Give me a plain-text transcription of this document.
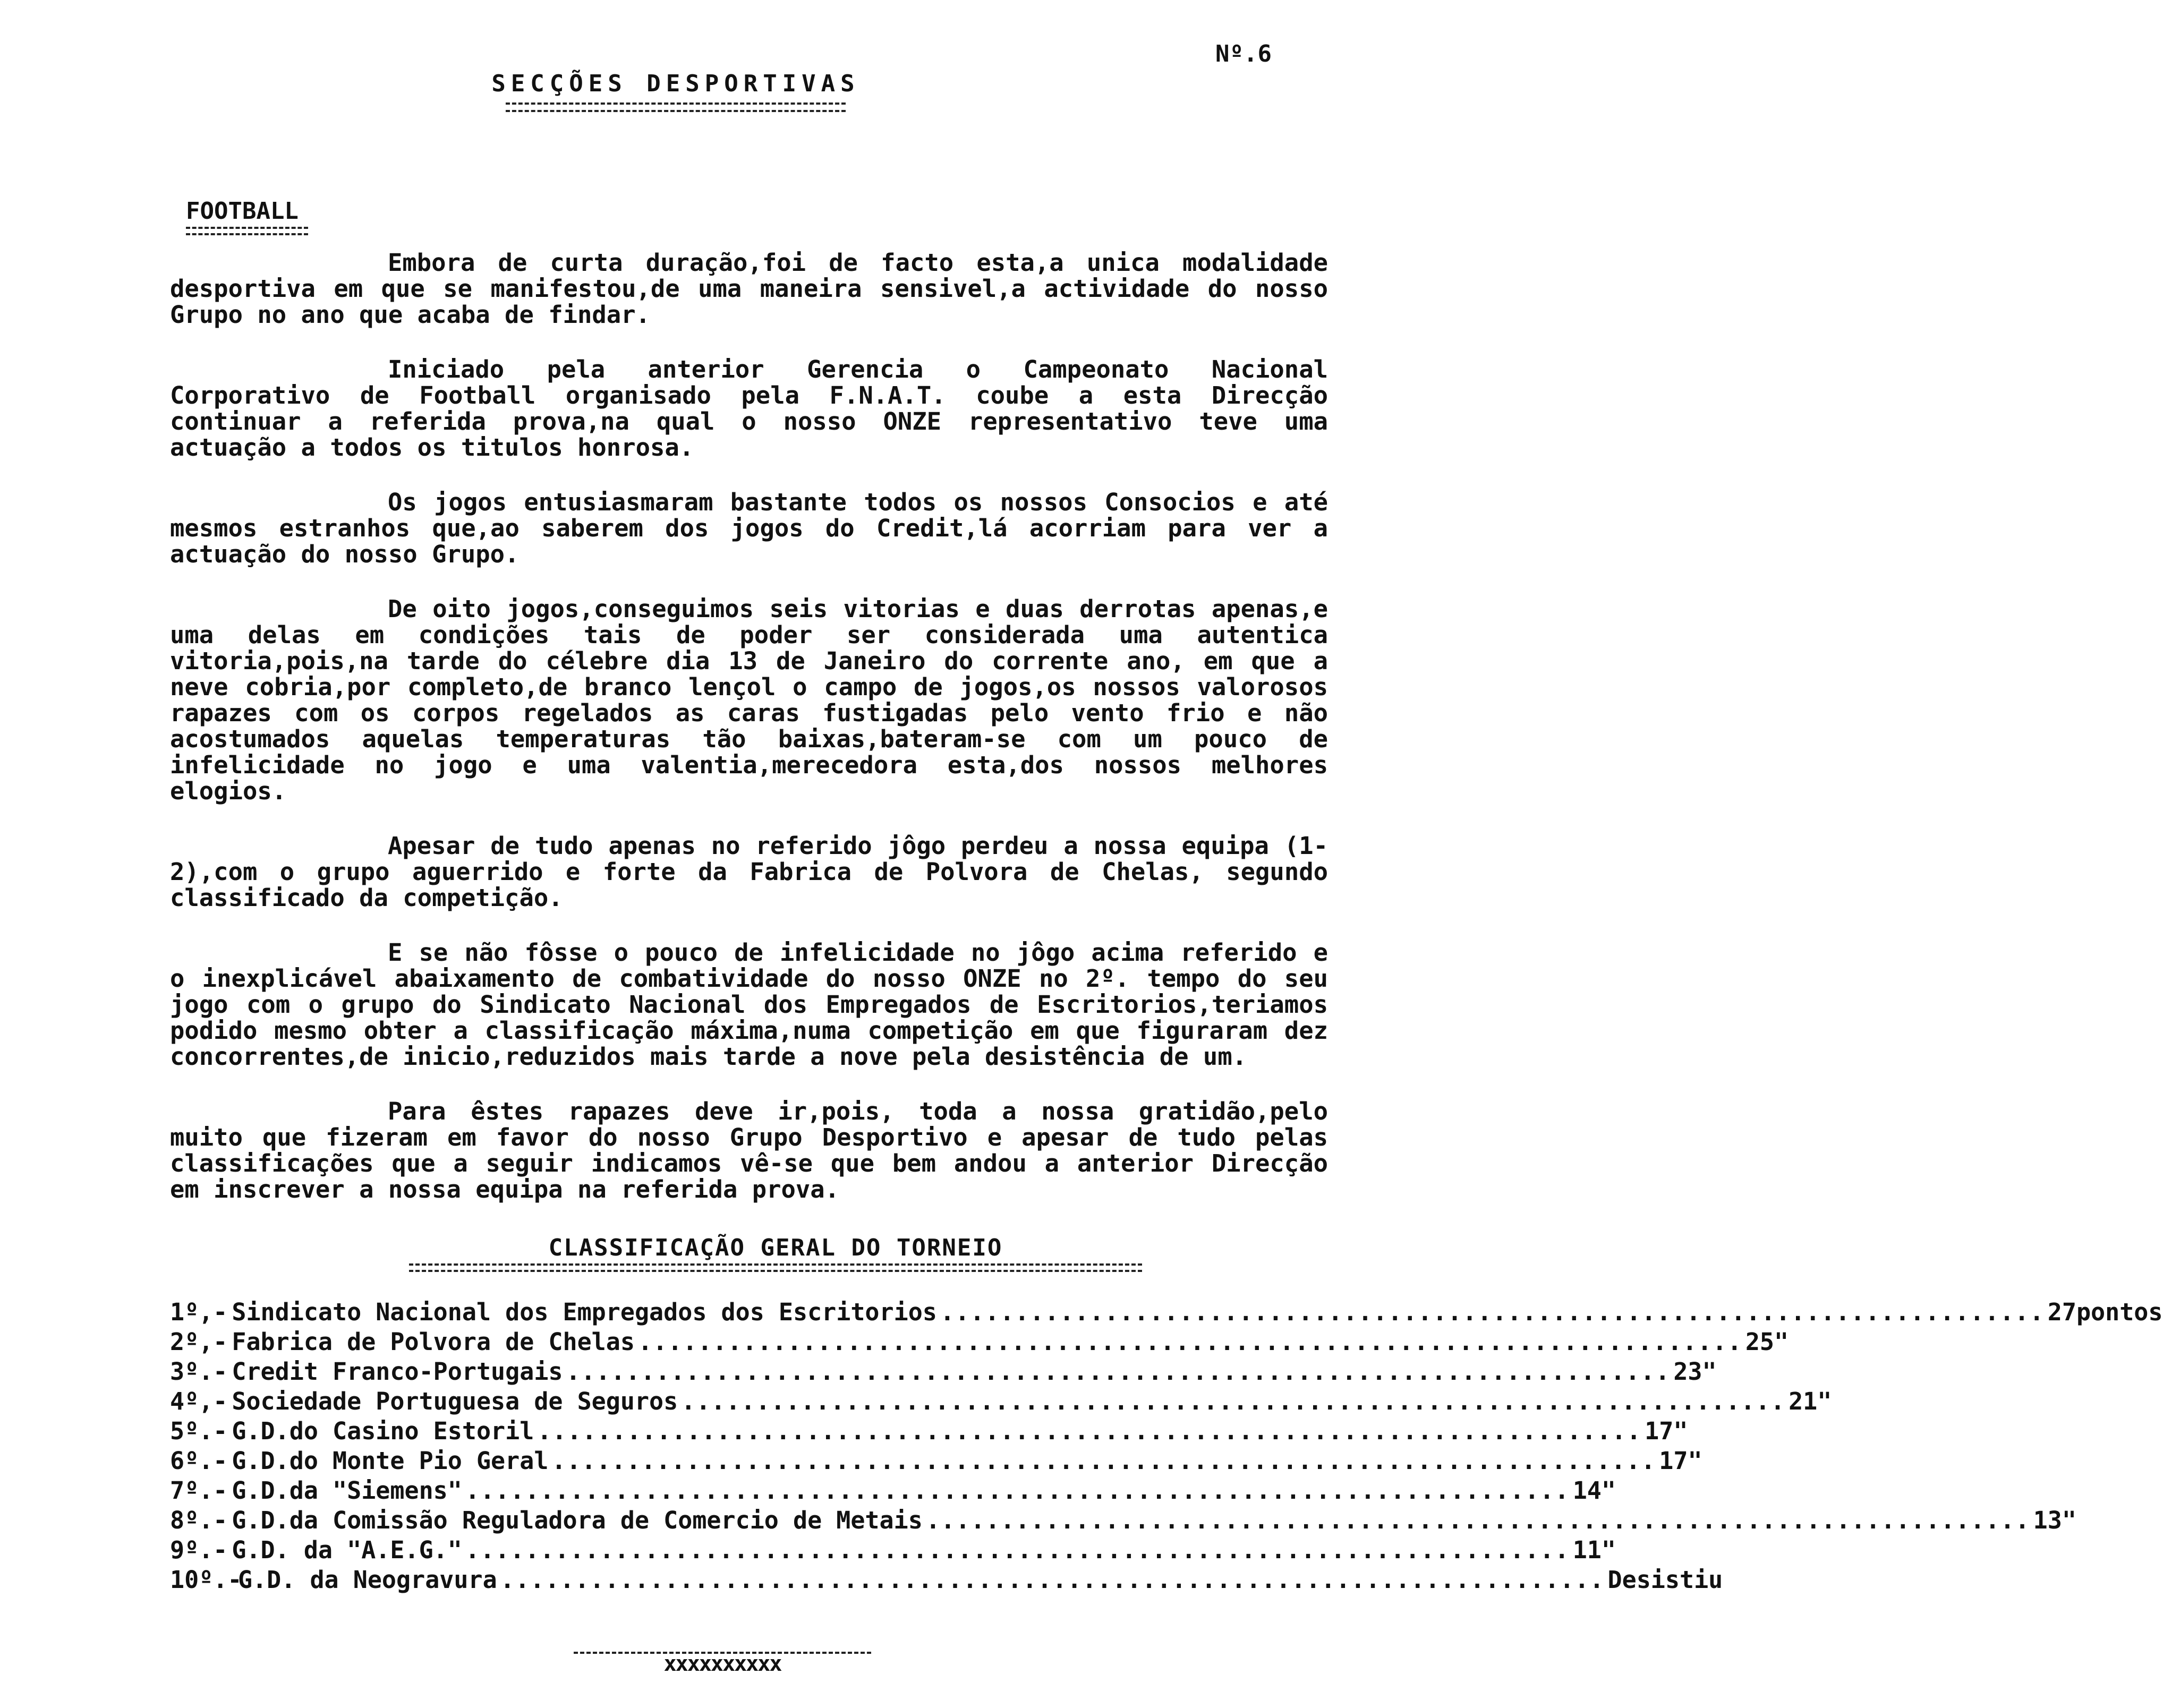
Nº.6
SECÇÕES DESPORTIVAS
FOOTBALL

Embora de curta duração,foi de facto esta,a unica modalidade desportiva em que se manifestou,de uma maneira sensivel,a actividade do nosso Grupo no ano que acaba de findar.

Iniciado pela anterior Gerencia o Campeonato Nacional Corporativo de Football organisado pela F.N.A.T. coube a esta Direcção continuar a referida prova,na qual o nosso ONZE representativo teve uma actuação a todos os titulos honrosa.

Os jogos entusiasmaram bastante todos os nossos Consocios e até mesmos estranhos que,ao saberem dos jogos do Credit,lá acorriam para ver a actuação do nosso Grupo.

De oito jogos,conseguimos seis vitorias e duas derrotas apenas,e uma delas em condições tais de poder ser considerada uma autentica vitoria,pois,na tarde do célebre dia 13 de Janeiro do corrente ano, em que a neve cobria,por completo,de branco lençol o campo de jogos,os nossos valorosos rapazes com os corpos regelados as caras fustigadas pelo vento frio e não acostumados aquelas temperaturas tão baixas,bateram-se com um pouco de infelicidade no jogo e uma valentia,merecedora esta,dos nossos melhores elogios.

Apesar de tudo apenas no referido jôgo perdeu a nossa equipa (1-2),com o grupo aguerrido e forte da Fabrica de Polvora de Chelas, segundo classificado da competição.

E se não fôsse o pouco de infelicidade no jôgo acima referido e o inexplicável abaixamento de combatividade do nosso ONZE no 2º. tempo do seu jogo com o grupo do Sindicato Nacional dos Empregados de Escritorios,teriamos podido mesmo obter a classificação máxima,numa competição em que figuraram dez concorrentes,de inicio,reduzidos mais tarde a nove pela desistência de um.

Para êstes rapazes deve ir,pois, toda a nossa gratidão,pelo muito que fizeram em favor do nosso Grupo Desportivo e apesar de tudo pelas classificações que a seguir indicamos vê-se que bem andou a anterior Direcção em inscrever a nossa equipa na referida prova.

CLASSIFICAÇÃO GERAL DO TORNEIO
1º,- Sindicato Nacional dos Empregados dos Escritorios .......................................................................... 27 pontos
2º,- Fabrica de Polvora de Chelas .......................................................................... 25 "
3º.- Credit Franco-Portugais .......................................................................... 23 "
4º,- Sociedade Portuguesa de Seguros .......................................................................... 21 "
5º.- G.D.do Casino Estoril .......................................................................... 17 "
6º.- G.D.do Monte Pio Geral .......................................................................... 17 "
7º.- G.D.da "Siemens" .......................................................................... 14 "
8º.- G.D.da Comissão Reguladora de Comercio de Metais .......................................................................... 13 "
9º.- G.D. da "A.E.G." .......................................................................... 11 "
10º.-
G.D. da Neogravura .......................................................................... Desistiu
xxxxxxxxxx
